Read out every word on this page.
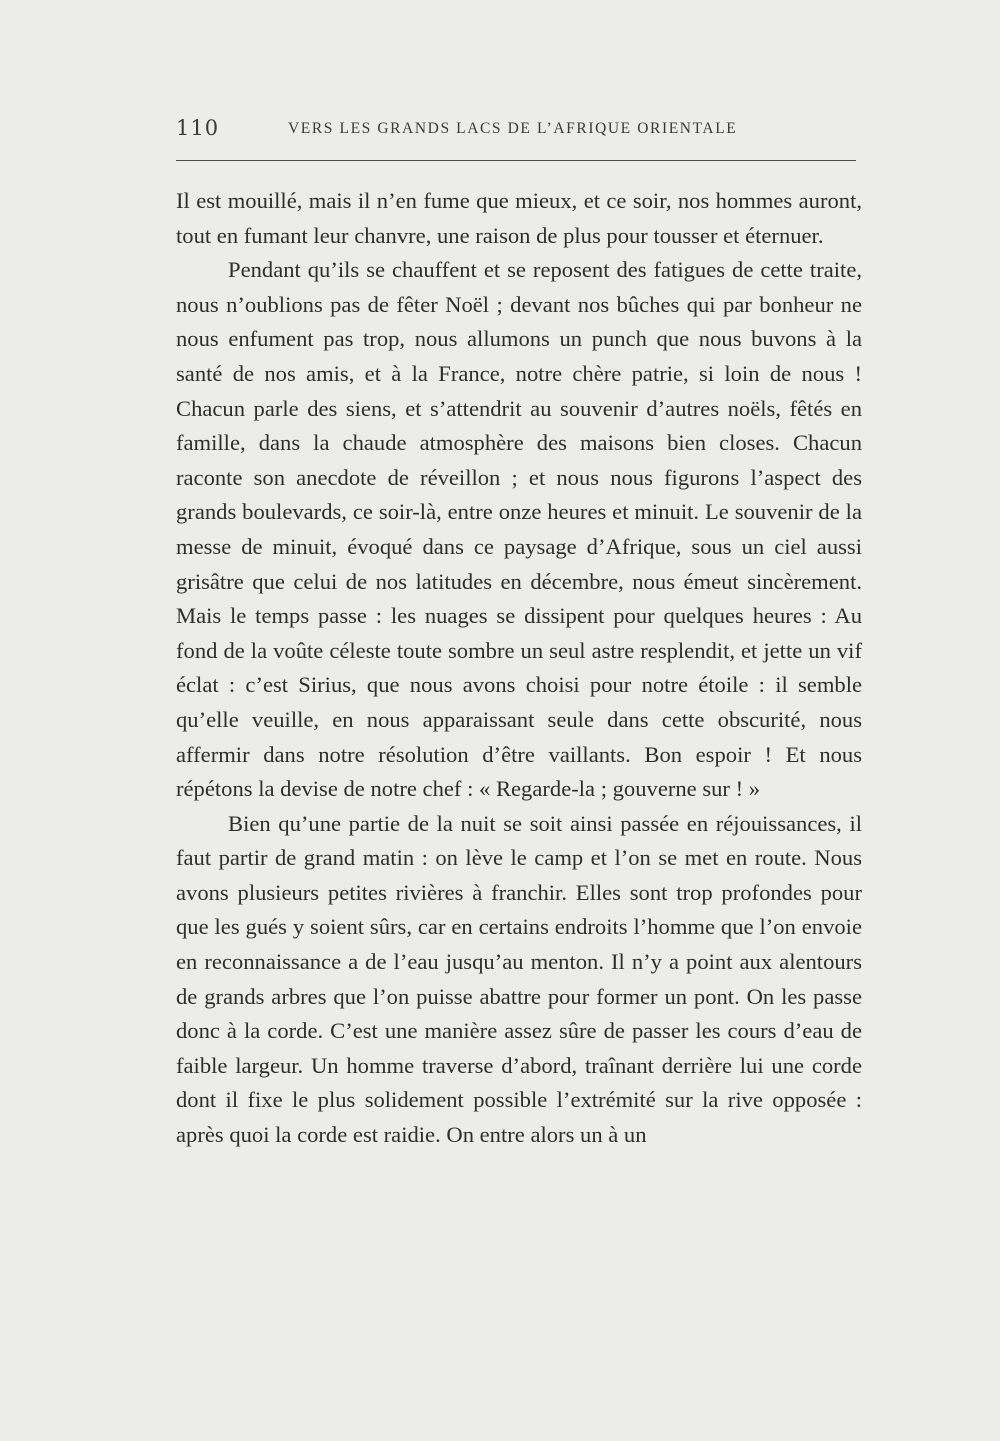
110	VERS LES GRANDS LACS DE L’AFRIQUE ORIENTALE

Il est mouillé, mais il n’en fume que mieux, et ce soir, nos hommes auront, tout en fumant leur chanvre, une raison de plus pour tousser et éternuer.

Pendant qu’ils se chauffent et se reposent des fatigues de cette traite, nous n’oublions pas de fêter Noël ; devant nos bûches qui par bonheur ne nous enfument pas trop, nous allumons un punch que nous buvons à la santé de nos amis, et à la France, notre chère patrie, si loin de nous ! Chacun parle des siens, et s’attendrit au souvenir d’autres noëls, fêtés en famille, dans la chaude atmosphère des maisons bien closes. Chacun raconte son anecdote de réveillon ; et nous nous figurons l’aspect des grands boulevards, ce soir-là, entre onze heures et minuit. Le souvenir de la messe de minuit, évoqué dans ce paysage d’Afrique, sous un ciel aussi grisâtre que celui de nos latitudes en décembre, nous émeut sincèrement. Mais le temps passe : les nuages se dissipent pour quelques heures : Au fond de la voûte céleste toute sombre un seul astre resplendit, et jette un vif éclat : c’est Sirius, que nous avons choisi pour notre étoile : il semble qu’elle veuille, en nous apparaissant seule dans cette obscurité, nous affermir dans notre résolution d’être vaillants. Bon espoir ! Et nous répétons la devise de notre chef : « Regarde-la ; gouverne sur ! »

Bien qu’une partie de la nuit se soit ainsi passée en réjouissances, il faut partir de grand matin : on lève le camp et l’on se met en route. Nous avons plusieurs petites rivières à franchir. Elles sont trop profondes pour que les gués y soient sûrs, car en certains endroits l’homme que l’on envoie en reconnaissance a de l’eau jusqu’au menton. Il n’y a point aux alentours de grands arbres que l’on puisse abattre pour former un pont. On les passe donc à la corde. C’est une manière assez sûre de passer les cours d’eau de faible largeur. Un homme traverse d’abord, traînant derrière lui une corde dont il fixe le plus solidement possible l’extrémité sur la rive opposée : après quoi la corde est raidie. On entre alors un à un
